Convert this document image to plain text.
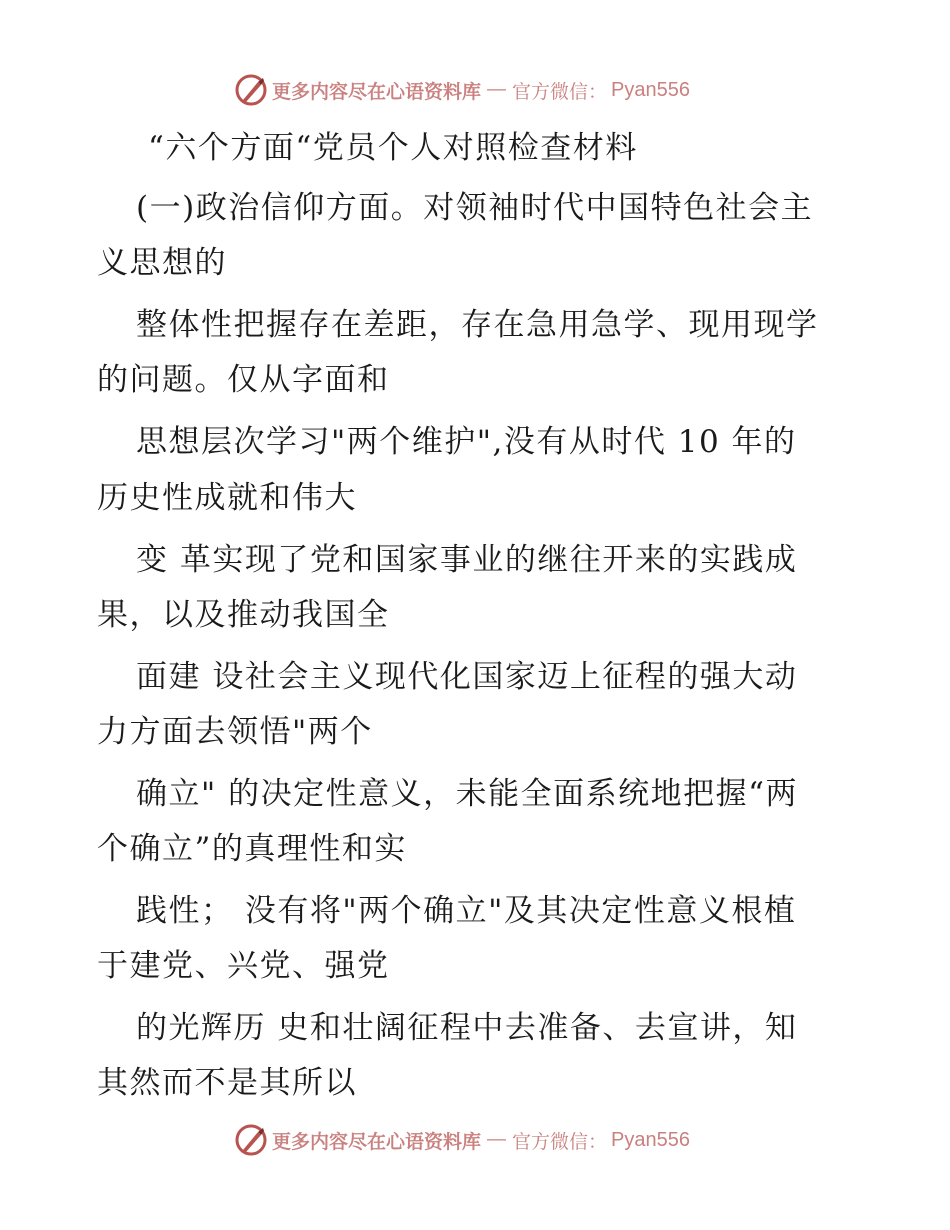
更多内容尽在心语资料库 — 官方微信： Pyan556
“六个方面“党员个人对照检查材料
(一)政治信仰方面。对领袖时代中国特色社会主
义思想的
整体性把握存在差距，存在急用急学、现用现学
的问题。仅从字面和
思想层次学习"两个维护",没有从时代 10 年的
历史性成就和伟大
变 革实现了党和国家事业的继往开来的实践成
果，以及推动我国全
面建 设社会主义现代化国家迈上征程的强大动
力方面去领悟"两个
确立" 的决定性意义，未能全面系统地把握“两
个确立”的真理性和实
践性； 没有将"两个确立"及其决定性意义根植
于建党、兴党、强党
的光辉历 史和壮阔征程中去准备、去宣讲，知
其然而不是其所以
更多内容尽在心语资料库 — 官方微信： Pyan556
